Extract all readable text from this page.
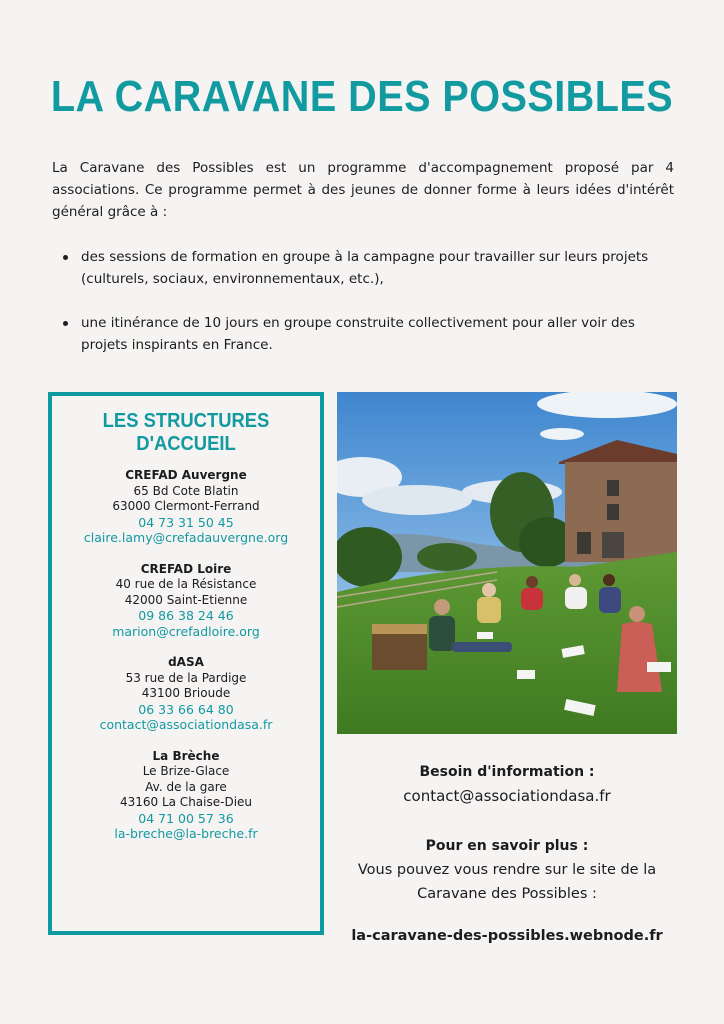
LA CARAVANE DES POSSIBLES

La Caravane des Possibles est un programme d'accompagnement proposé par 4 associations. Ce programme permet à des jeunes de donner forme à leurs idées d'intérêt général grâce à :

des sessions de formation en groupe à la campagne pour travailler sur leurs projets (culturels, sociaux, environnementaux, etc.),
une itinérance de 10 jours en groupe construite collectivement pour aller voir des projets inspirants en France.
LES STRUCTURES
D'ACCUEIL
CREFAD Auvergne
65 Bd Cote Blatin
63000 Clermont-Ferrand
04 73 31 50 45
claire.lamy@crefadauvergne.org
CREFAD Loire
40 rue de la Résistance
42000 Saint-Etienne
09 86 38 24 46
marion@crefadloire.org
dASA
53 rue de la Pardige
43100 Brioude
06 33 66 64 80
contact@associationdasa.fr
La Brèche
Le Brize-Glace
Av. de la gare
43160 La Chaise-Dieu
04 71 00 57 36
la-breche@la-breche.fr
Besoin d'information :
contact@associationdasa.fr
Pour en savoir plus :
Vous pouvez vous rendre sur le site de la
Caravane des Possibles :
la-caravane-des-possibles.webnode.fr
